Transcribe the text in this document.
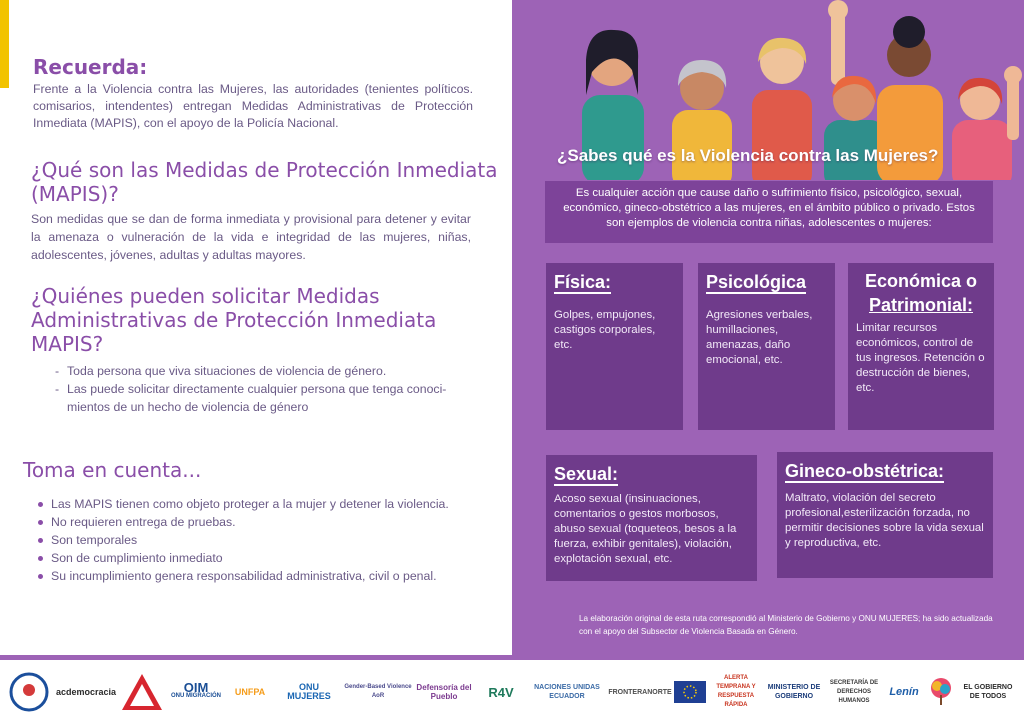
Recuerda:

Frente a la Violencia contra las Mujeres, las autoridades (tenientes políticos. comisarios, intendentes) entregan Medidas Administrativas de Protección Inmediata (MAPIS), con el apoyo de la Policía Nacional.

¿Qué son las Medidas de Protección Inmediata (MAPIS)?

Son medidas que se dan de forma inmediata y provisional para detener y evitar la amenaza o vulneración de la vida e integridad de las mujeres, niñas, adolescentes, jóvenes, adultas y adultas mayores.

¿Quiénes pueden solicitar Medidas Administrativas de Protección Inmediata MAPIS?
- Toda persona que viva situaciones de violencia de género.
- Las puede solicitar directamente cualquier persona que tenga conoci-mientos de un hecho de violencia de género
Toma en cuenta...
Las MAPIS tienen como objeto proteger a la mujer y detener la violencia.
No requieren entrega de pruebas.
Son temporales
Son de cumplimiento inmediato
Su incumplimiento genera responsabilidad administrativa, civil o penal.
¿Sabes qué es la Violencia contra las Mujeres?

Es cualquier acción que cause daño o sufrimiento físico, psicológico, sexual, económico, gineco-obstétrico a las mujeres, en el ámbito público o privado. Estos son ejemplos de violencia contra niñas, adolescentes o mujeres:

Física:

Golpes, empujones, castigos corporales, etc.

Psicológica

Agresiones verbales, humillaciones, amenazas, daño emocional, etc.

Económica o
Patrimonial:

Limitar recursos económicos, control de tus ingresos. Retención o destrucción de bienes, etc.

Sexual:

Acoso sexual (insinuaciones, comentarios o gestos morbosos, abuso sexual (toqueteos, besos a la fuerza, exhibir genitales), violación, explotación sexual, etc.

Gineco-obstétrica:

Maltrato, violación del secreto profesional,esterilización forzada, no permitir decisiones sobre la vida sexual y reproductiva, etc.

La elaboración original de esta ruta correspondió al Ministerio de Gobierno y ONU MUJERES; ha sido actualizada con el apoyo del Subsector de Violencia Basada en Género.

acdemocracia	OIM
ONU MIGRACIÓN UNFPA	ONU MUJERES
Gender-Based Violence AoR
Defensoría del Pueblo	R4V	NACIONES UNIDAS ECUADOR
FRONTERANORTE
ALERTA TEMPRANA Y RESPUESTA RÁPIDA
MINISTERIO DE GOBIERNO
SECRETARÍA DE DERECHOS HUMANOS
Lenín	EL GOBIERNO DE TODOS
